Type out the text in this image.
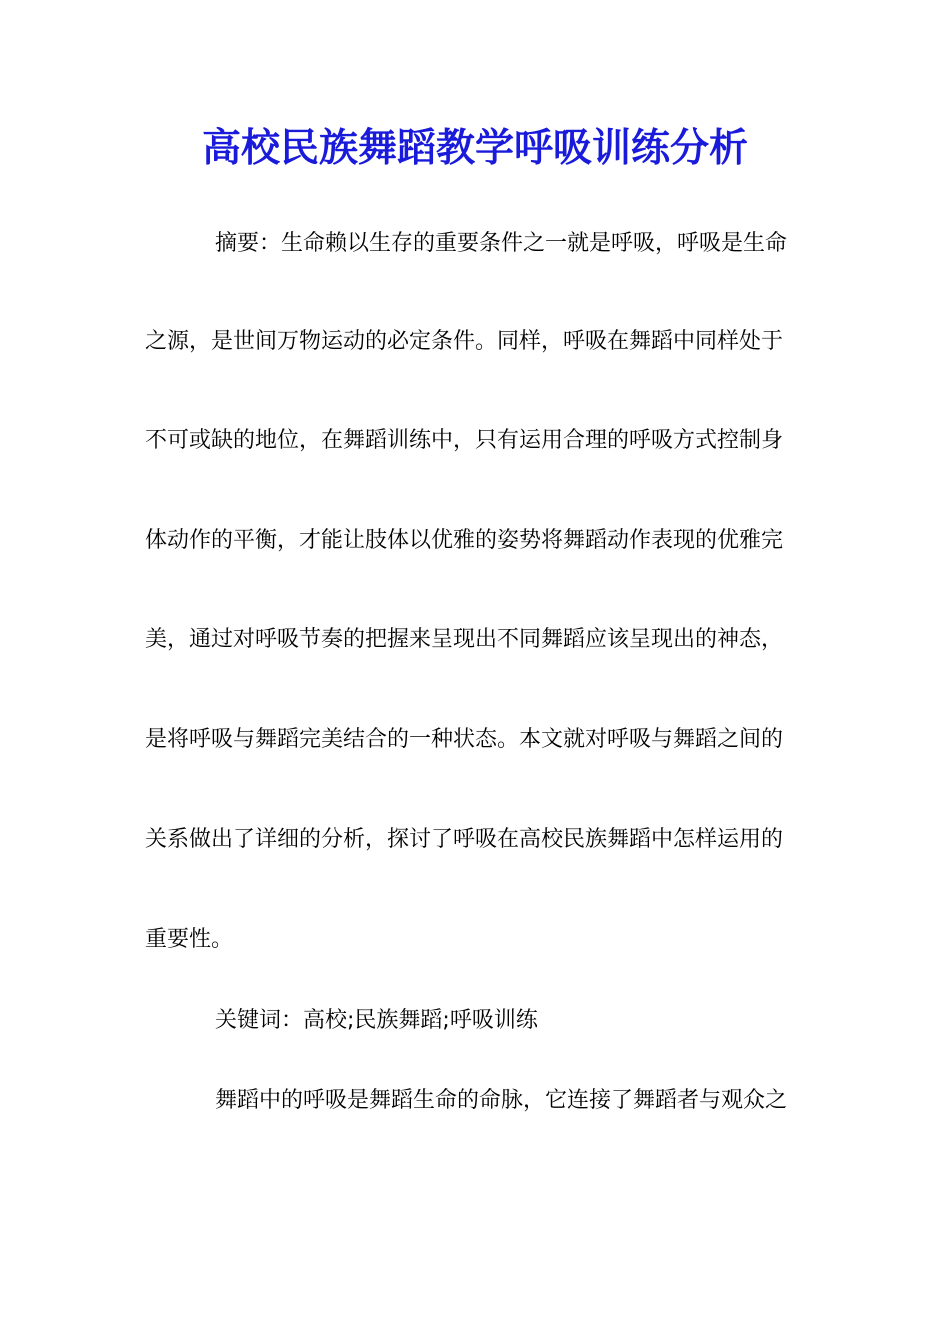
高校民族舞蹈教学呼吸训练分析

摘要：生命赖以生存的重要条件之一就是呼吸，呼吸是生命

之源，是世间万物运动的必定条件。同样，呼吸在舞蹈中同样处于

不可或缺的地位，在舞蹈训练中，只有运用合理的呼吸方式控制身

体动作的平衡，才能让肢体以优雅的姿势将舞蹈动作表现的优雅完

美，通过对呼吸节奏的把握来呈现出不同舞蹈应该呈现出的神态，

是将呼吸与舞蹈完美结合的一种状态。本文就对呼吸与舞蹈之间的

关系做出了详细的分析，探讨了呼吸在高校民族舞蹈中怎样运用的

重要性。

关键词：高校;民族舞蹈;呼吸训练

舞蹈中的呼吸是舞蹈生命的命脉，它连接了舞蹈者与观众之
